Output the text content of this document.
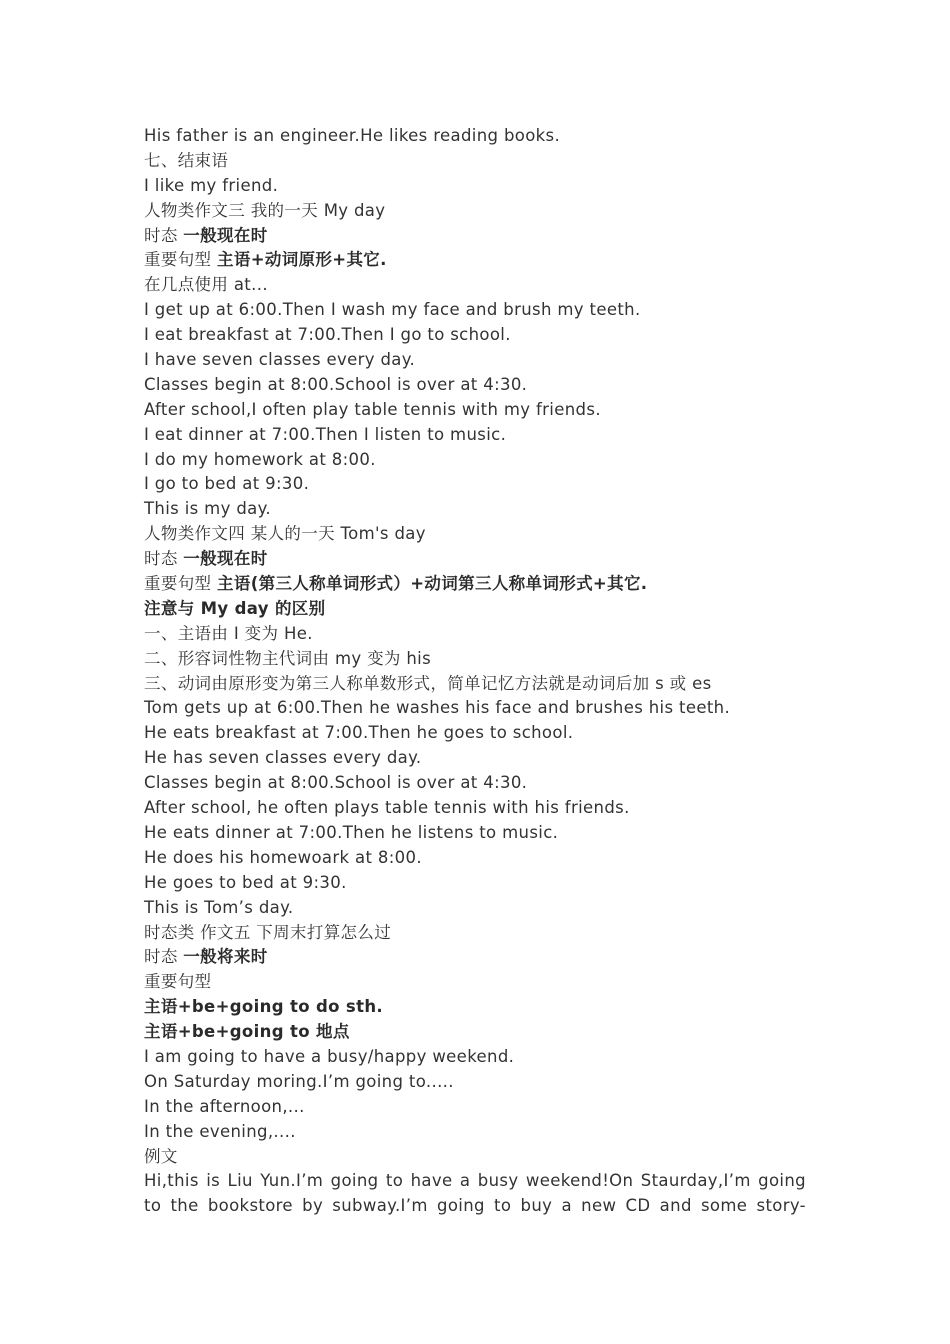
His father is an engineer.He likes reading books.
七、结束语
I like my friend.
人物类作文三 我的一天 My day
时态 一般现在时
重要句型 主语+动词原形+其它.
在几点使用 at...
I get up at 6:00.Then I wash my face and brush my teeth.
I eat breakfast at 7:00.Then I go to school.
I have seven classes every day.
Classes begin at 8:00.School is over at 4:30.
After school,I often play table tennis with my friends.
I eat dinner at 7:00.Then I listen to music.
I do my homework at 8:00.
I go to bed at 9:30.
This is my day.
人物类作文四 某人的一天 Tom's day
时态 一般现在时
重要句型 主语(第三人称单词形式）+动词第三人称单词形式+其它.
注意与 My day 的区别
一、主语由 I 变为 He.
二、形容词性物主代词由 my 变为 his
三、动词由原形变为第三人称单数形式，简单记忆方法就是动词后加 s 或 es
Tom gets up at 6:00.Then he washes his face and brushes his teeth.
He eats breakfast at 7:00.Then he goes to school.
He has seven classes every day.
Classes begin at 8:00.School is over at 4:30.
After school, he often plays table tennis with his friends.
He eats dinner at 7:00.Then he listens to music.
He does his homewoark at 8:00.
He goes to bed at 9:30.
This is Tom’s day.
时态类 作文五 下周末打算怎么过
时态 一般将来时
重要句型
主语+be+going to do sth.
主语+be+going to 地点
I am going to have a busy/happy weekend.
On Saturday moring.I’m going to.....
In the afternoon,...
In the evening,....
例文
Hi,this is Liu Yun.I’m going to have a busy weekend!On Staurday,I’m going
to the bookstore by subway.I’m going to buy a new CD and some story-
